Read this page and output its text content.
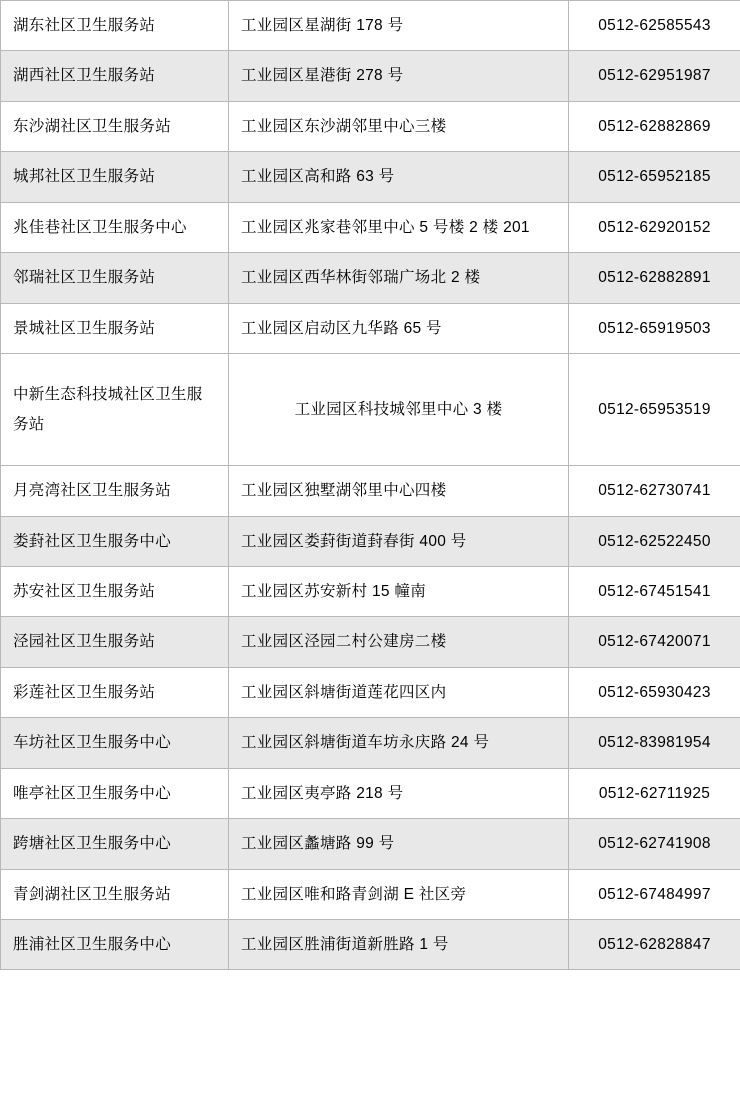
湖东社区卫生服务站	工业园区星湖街 178 号	0512-62585543
湖西社区卫生服务站	工业园区星港街 278 号	0512-62951987
东沙湖社区卫生服务站	工业园区东沙湖邻里中心三楼	0512-62882869
城邦社区卫生服务站	工业园区高和路 63 号	0512-65952185
兆佳巷社区卫生服务中心	工业园区兆家巷邻里中心 5 号楼 2 楼 201	0512-62920152
邻瑞社区卫生服务站	工业园区西华林街邻瑞广场北 2 楼	0512-62882891
景城社区卫生服务站	工业园区启动区九华路 65 号	0512-65919503
中新生态科技城社区卫生服务站	工业园区科技城邻里中心 3 楼	0512-65953519
月亮湾社区卫生服务站	工业园区独墅湖邻里中心四楼	0512-62730741
娄葑社区卫生服务中心	工业园区娄葑街道葑春街 400 号	0512-62522450
苏安社区卫生服务站	工业园区苏安新村 15 幢南	0512-67451541
泾园社区卫生服务站	工业园区泾园二村公建房二楼	0512-67420071
彩莲社区卫生服务站	工业园区斜塘街道莲花四区内	0512-65930423
车坊社区卫生服务中心	工业园区斜塘街道车坊永庆路 24 号	0512-83981954
唯亭社区卫生服务中心	工业园区夷亭路 218 号	0512-62711925
跨塘社区卫生服务中心	工业园区蠡塘路 99 号	0512-62741908
青剑湖社区卫生服务站	工业园区唯和路青剑湖 E 社区旁	0512-67484997
胜浦社区卫生服务中心	工业园区胜浦街道新胜路 1 号	0512-62828847
